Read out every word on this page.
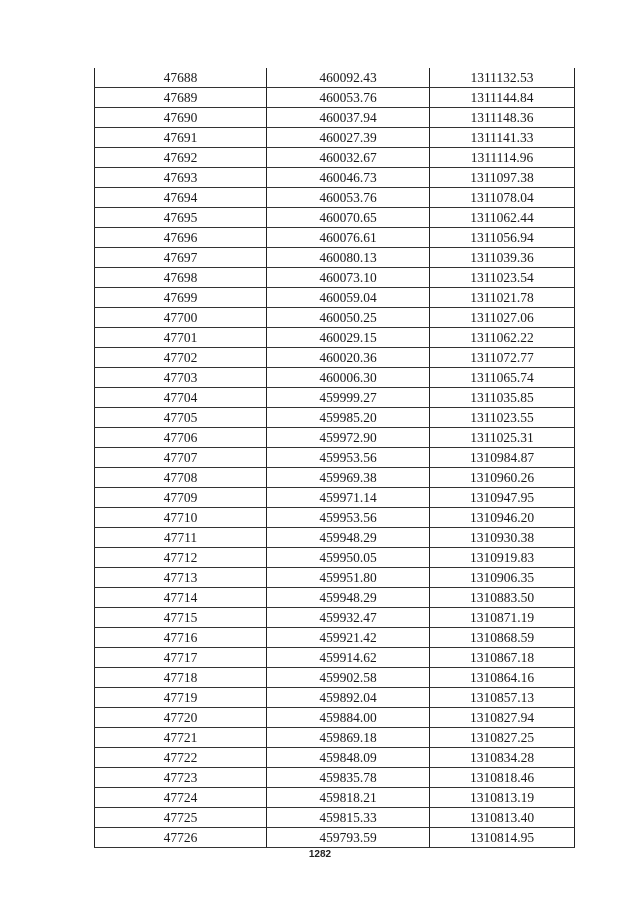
47688	460092.43	1311132.53
47689	460053.76	1311144.84
47690	460037.94	1311148.36
47691	460027.39	1311141.33
47692	460032.67	1311114.96
47693	460046.73	1311097.38
47694	460053.76	1311078.04
47695	460070.65	1311062.44
47696	460076.61	1311056.94
47697	460080.13	1311039.36
47698	460073.10	1311023.54
47699	460059.04	1311021.78
47700	460050.25	1311027.06
47701	460029.15	1311062.22
47702	460020.36	1311072.77
47703	460006.30	1311065.74
47704	459999.27	1311035.85
47705	459985.20	1311023.55
47706	459972.90	1311025.31
47707	459953.56	1310984.87
47708	459969.38	1310960.26
47709	459971.14	1310947.95
47710	459953.56	1310946.20
47711	459948.29	1310930.38
47712	459950.05	1310919.83
47713	459951.80	1310906.35
47714	459948.29	1310883.50
47715	459932.47	1310871.19
47716	459921.42	1310868.59
47717	459914.62	1310867.18
47718	459902.58	1310864.16
47719	459892.04	1310857.13
47720	459884.00	1310827.94
47721	459869.18	1310827.25
47722	459848.09	1310834.28
47723	459835.78	1310818.46
47724	459818.21	1310813.19
47725	459815.33	1310813.40
47726	459793.59	1310814.95
1282
